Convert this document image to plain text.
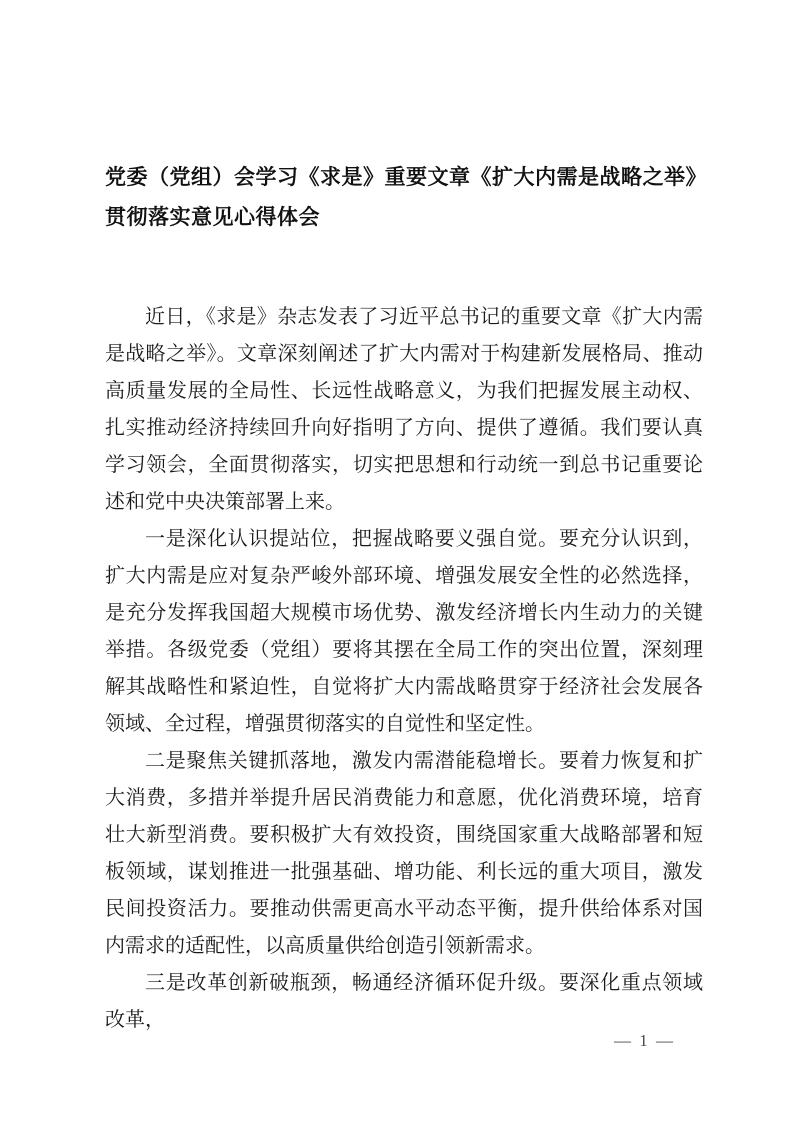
党委（党组）会学习《求是》重要文章《扩大内需是战略之举》
贯彻落实意见心得体会

近日，《求是》杂志发表了习近平总书记的重要文章《扩大内需是战略之举》。文章深刻阐述了扩大内需对于构建新发展格局、推动高质量发展的全局性、长远性战略意义，为我们把握发展主动权、扎实推动经济持续回升向好指明了方向、提供了遵循。我们要认真学习领会，全面贯彻落实，切实把思想和行动统一到总书记重要论述和党中央决策部署上来。

一是深化认识提站位，把握战略要义强自觉。要充分认识到，扩大内需是应对复杂严峻外部环境、增强发展安全性的必然选择，是充分发挥我国超大规模市场优势、激发经济增长内生动力的关键举措。各级党委（党组）要将其摆在全局工作的突出位置，深刻理解其战略性和紧迫性，自觉将扩大内需战略贯穿于经济社会发展各领域、全过程，增强贯彻落实的自觉性和坚定性。

二是聚焦关键抓落地，激发内需潜能稳增长。要着力恢复和扩大消费，多措并举提升居民消费能力和意愿，优化消费环境，培育壮大新型消费。要积极扩大有效投资，围绕国家重大战略部署和短板领域，谋划推进一批强基础、增功能、利长远的重大项目，激发民间投资活力。要推动供需更高水平动态平衡，提升供给体系对国内需求的适配性，以高质量供给创造引领新需求。

三是改革创新破瓶颈，畅通经济循环促升级。要深化重点领域改革，

— 1 —
